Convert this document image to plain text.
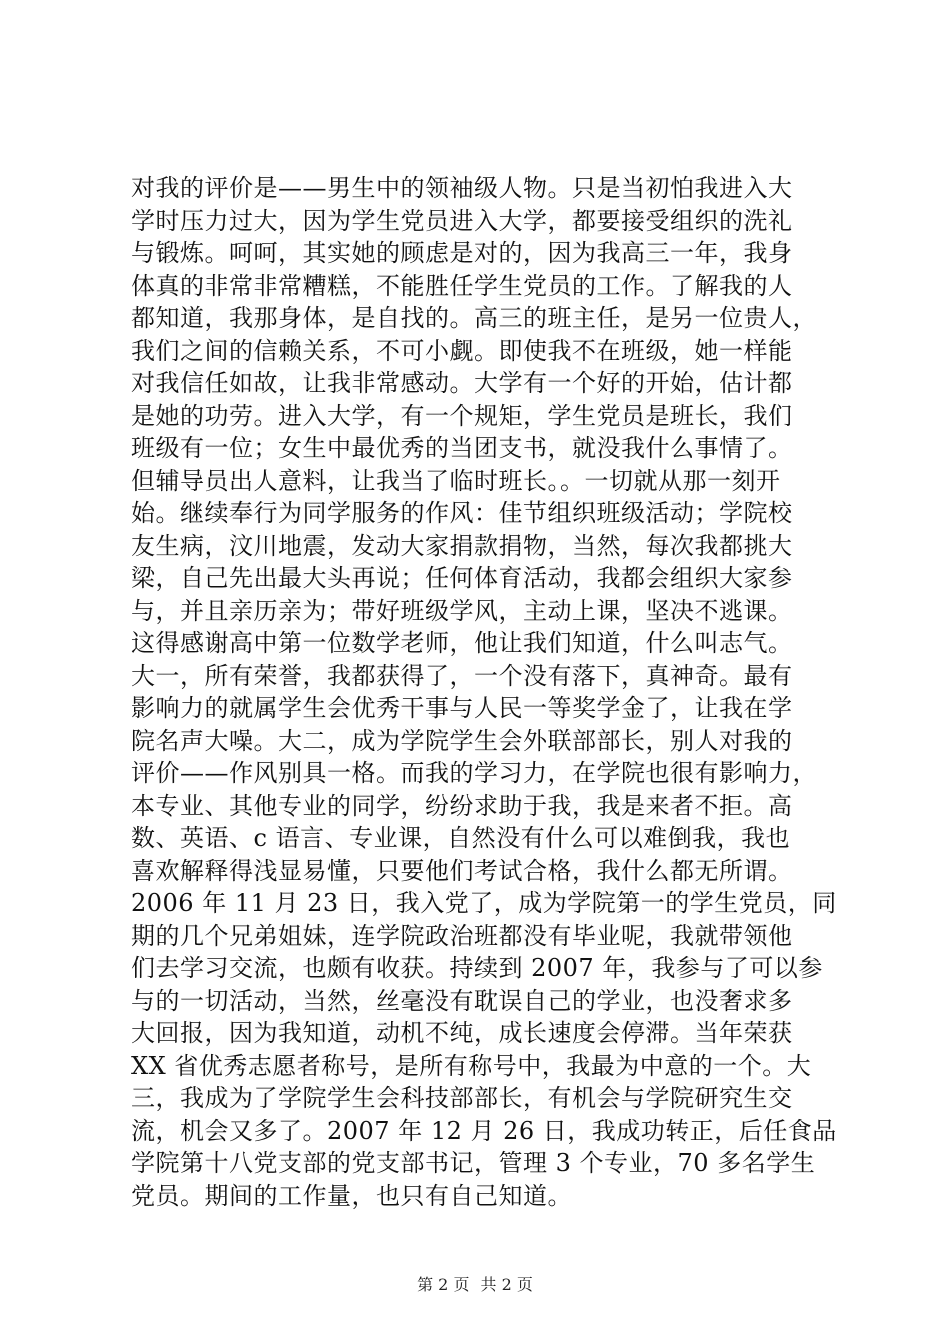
对我的评价是——男生中的领袖级人物。只是当初怕我进入大
学时压力过大，因为学生党员进入大学，都要接受组织的洗礼
与锻炼。呵呵，其实她的顾虑是对的，因为我高三一年，我身
体真的非常非常糟糕，不能胜任学生党员的工作。了解我的人
都知道，我那身体，是自找的。高三的班主任，是另一位贵人，
我们之间的信赖关系，不可小觑。即使我不在班级，她一样能
对我信任如故，让我非常感动。大学有一个好的开始，估计都
是她的功劳。进入大学，有一个规矩，学生党员是班长，我们
班级有一位；女生中最优秀的当团支书，就没我什么事情了。
但辅导员出人意料，让我当了临时班长。。一切就从那一刻开
始。继续奉行为同学服务的作风：佳节组织班级活动；学院校
友生病，汶川地震，发动大家捐款捐物，当然，每次我都挑大
梁，自己先出最大头再说；任何体育活动，我都会组织大家参
与，并且亲历亲为；带好班级学风，主动上课，坚决不逃课。
这得感谢高中第一位数学老师，他让我们知道，什么叫志气。
大一，所有荣誉，我都获得了，一个没有落下，真神奇。最有
影响力的就属学生会优秀干事与人民一等奖学金了，让我在学
院名声大噪。大二，成为学院学生会外联部部长，别人对我的
评价——作风别具一格。而我的学习力，在学院也很有影响力，
本专业、其他专业的同学，纷纷求助于我，我是来者不拒。高
数、英语、c 语言、专业课，自然没有什么可以难倒我，我也
喜欢解释得浅显易懂，只要他们考试合格，我什么都无所谓。
2006 年 11 月 23 日，我入党了，成为学院第一的学生党员，同
期的几个兄弟姐妹，连学院政治班都没有毕业呢，我就带领他
们去学习交流，也颇有收获。持续到 2007 年，我参与了可以参
与的一切活动，当然，丝毫没有耽误自己的学业，也没奢求多
大回报，因为我知道，动机不纯，成长速度会停滞。当年荣获
XX 省优秀志愿者称号，是所有称号中，我最为中意的一个。大
三，我成为了学院学生会科技部部长，有机会与学院研究生交
流，机会又多了。2007 年 12 月 26 日，我成功转正，后任食品
学院第十八党支部的党支部书记，管理 3 个专业，70 多名学生
党员。期间的工作量，也只有自己知道。
第 2 页 共 2 页
